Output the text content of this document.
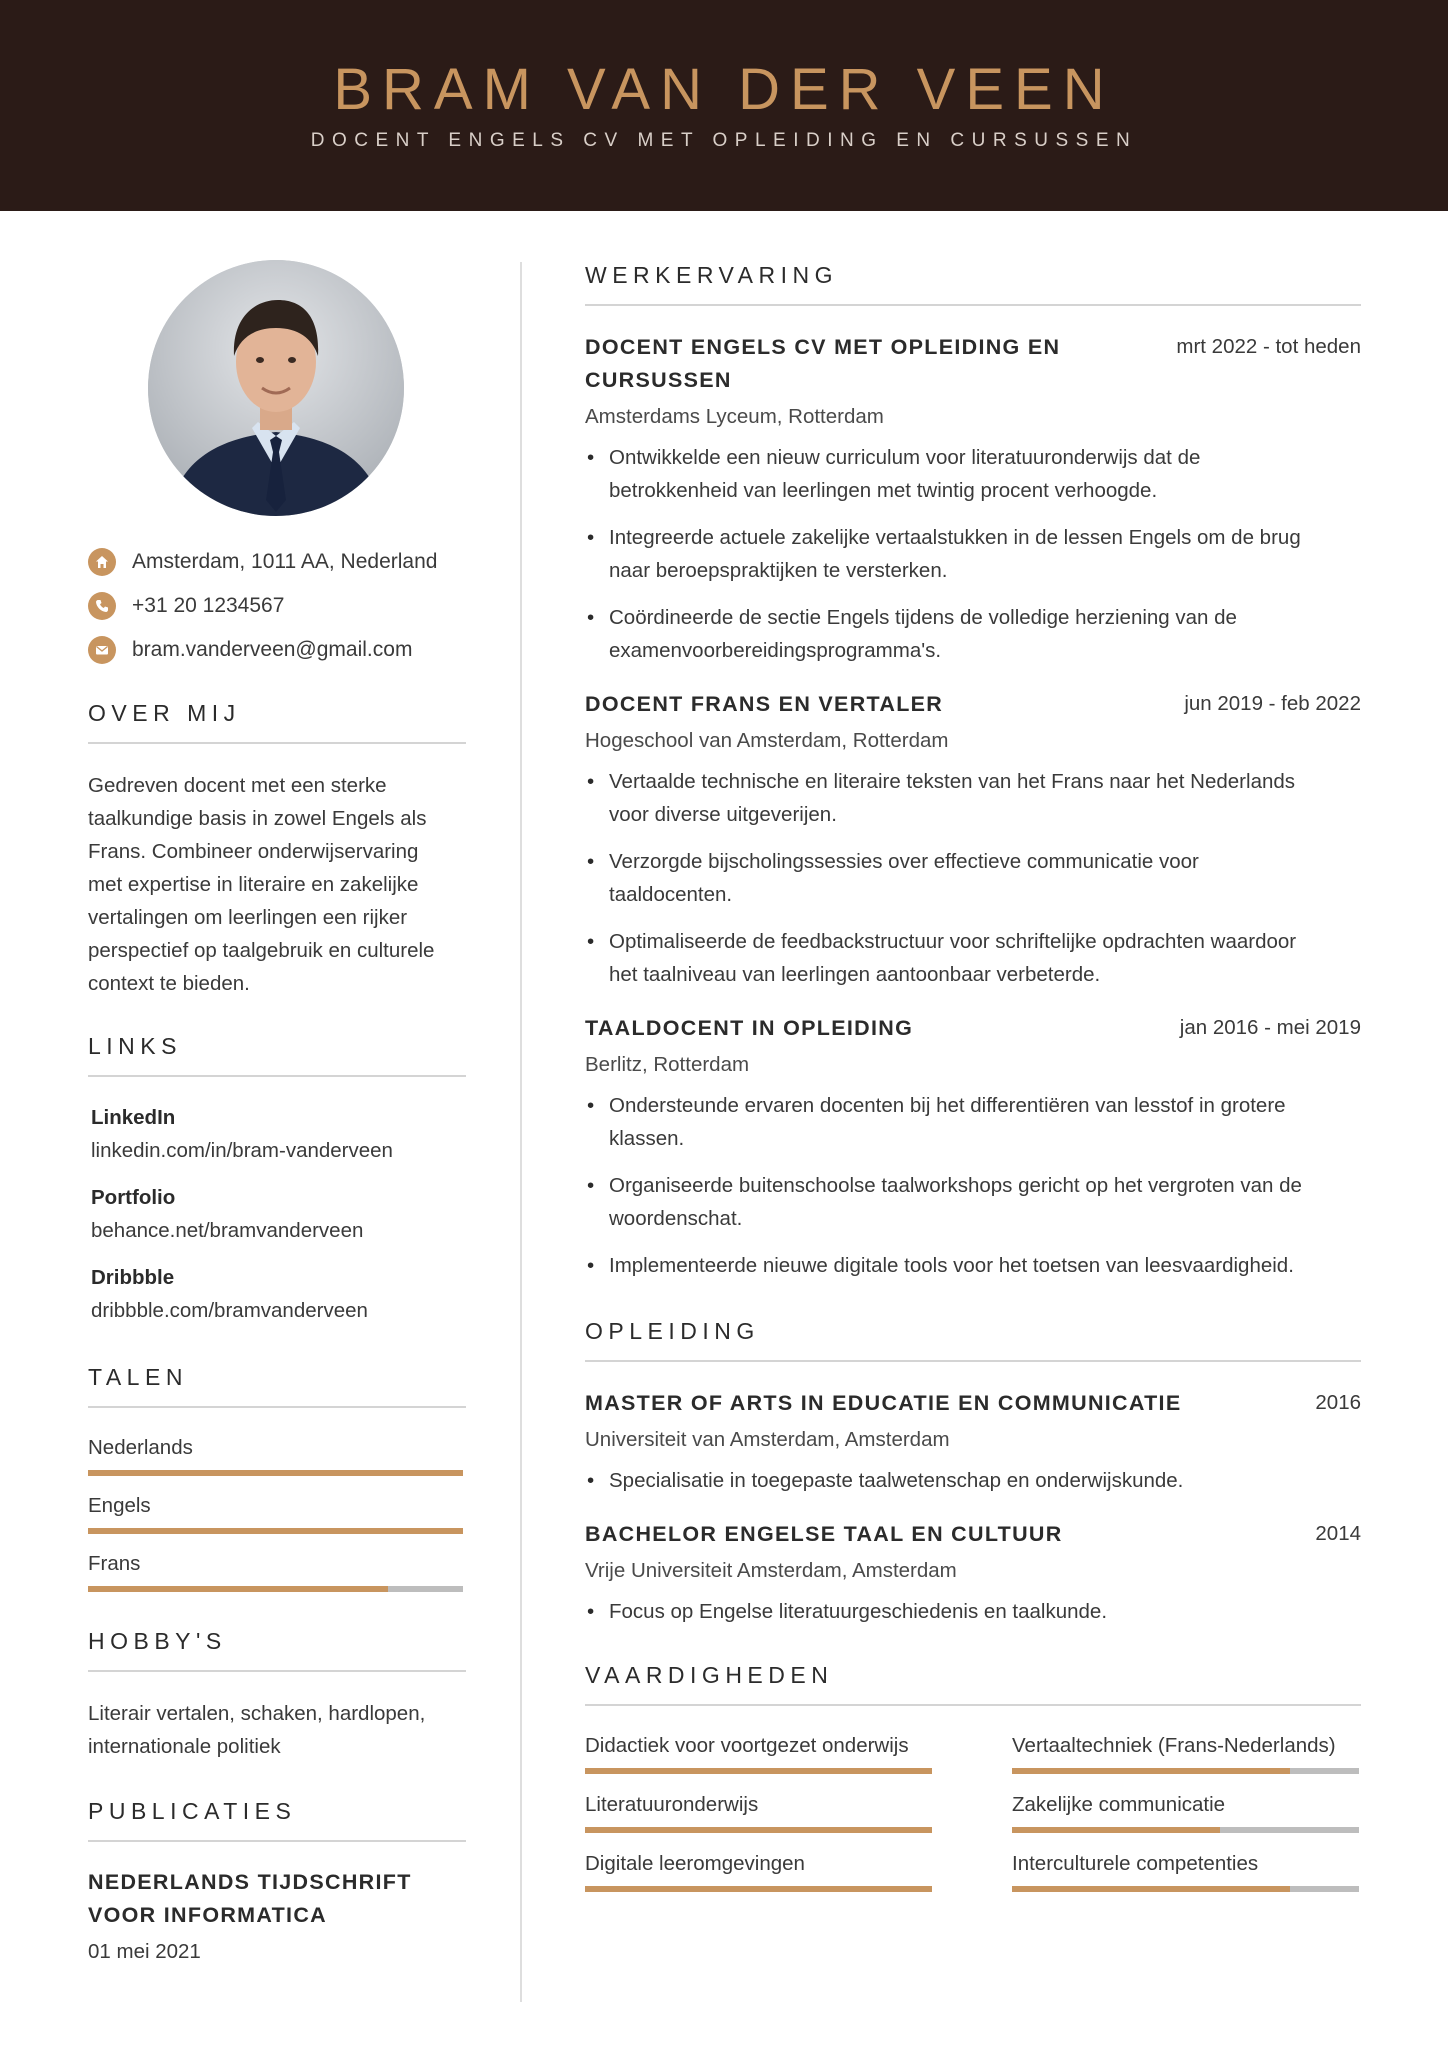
BRAM VAN DER VEEN
DOCENT ENGELS CV MET OPLEIDING EN CURSUSSEN
Amsterdam, 1011 AA, Nederland
+31 20 1234567
bram.vanderveen@gmail.com
OVER MIJ
Gedreven docent met een sterke
taalkundige basis in zowel Engels als
Frans. Combineer onderwijservaring
met expertise in literaire en zakelijke
vertalingen om leerlingen een rijker
perspectief op taalgebruik en culturele
context te bieden.
LINKS
LinkedIn
linkedin.com/in/bram-vanderveen
Portfolio
behance.net/bramvanderveen
Dribbble
dribbble.com/bramvanderveen
TALEN
Nederlands
Engels
Frans
HOBBY'S
Literair vertalen, schaken, hardlopen,
internationale politiek
PUBLICATIES
NEDERLANDS TIJDSCHRIFT
VOOR INFORMATICA
01 mei 2021
WERKERVARING
DOCENT ENGELS CV MET OPLEIDING EN
CURSUSSEN
mrt 2022 - tot heden
Amsterdams Lyceum, Rotterdam
• Ontwikkelde een nieuw curriculum voor literatuuronderwijs dat de
betrokkenheid van leerlingen met twintig procent verhoogde.
• Integreerde actuele zakelijke vertaalstukken in de lessen Engels om de brug
naar beroepspraktijken te versterken.
• Coördineerde de sectie Engels tijdens de volledige herziening van de
examenvoorbereidingsprogramma's.
DOCENT FRANS EN VERTALER	jun 2019 - feb 2022
Hogeschool van Amsterdam, Rotterdam
• Vertaalde technische en literaire teksten van het Frans naar het Nederlands
voor diverse uitgeverijen.
• Verzorgde bijscholingssessies over effectieve communicatie voor
taaldocenten.
• Optimaliseerde de feedbackstructuur voor schriftelijke opdrachten waardoor
het taalniveau van leerlingen aantoonbaar verbeterde.
TAALDOCENT IN OPLEIDING	jan 2016 - mei 2019
Berlitz, Rotterdam
• Ondersteunde ervaren docenten bij het differentiëren van lesstof in grotere
klassen.
• Organiseerde buitenschoolse taalworkshops gericht op het vergroten van de
woordenschat.
• Implementeerde nieuwe digitale tools voor het toetsen van leesvaardigheid.
OPLEIDING
MASTER OF ARTS IN EDUCATIE EN COMMUNICATIE	2016
Universiteit van Amsterdam, Amsterdam
• Specialisatie in toegepaste taalwetenschap en onderwijskunde.
BACHELOR ENGELSE TAAL EN CULTUUR	2014
Vrije Universiteit Amsterdam, Amsterdam
• Focus op Engelse literatuurgeschiedenis en taalkunde.
VAARDIGHEDEN
Didactiek voor voortgezet onderwijs	Vertaaltechniek (Frans-Nederlands)
Literatuuronderwijs	Zakelijke communicatie
Digitale leeromgevingen	Interculturele competenties
